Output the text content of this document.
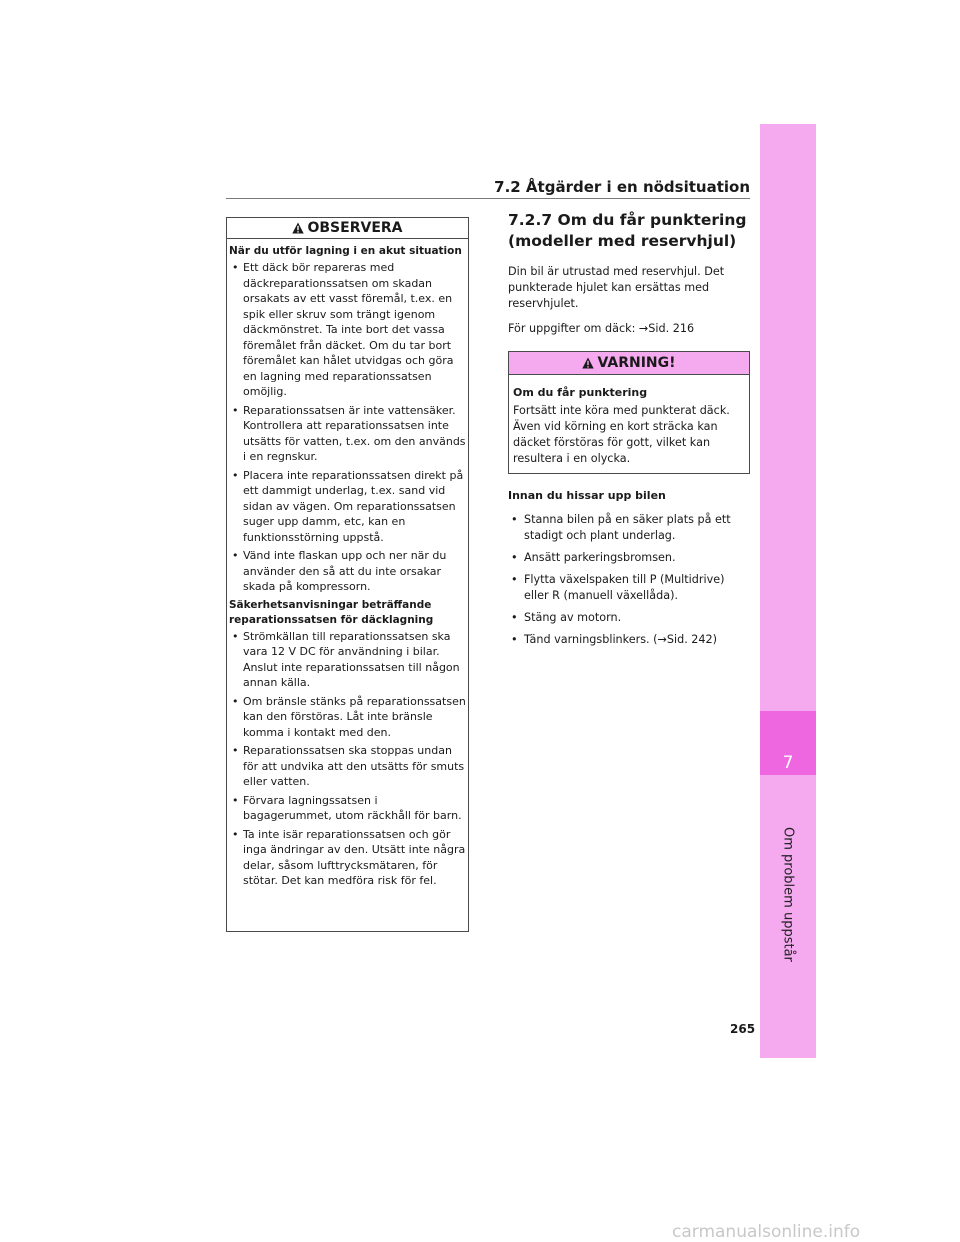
7.2 Åtgärder i en nödsituation
OBSERVERA
När du utför lagning i en akut situation
• Ett däck bör repareras med däckreparationssatsen om skadan orsakats av ett vasst föremål, t.ex. en spik eller skruv som trängt igenom däckmönstret. Ta inte bort det vassa föremålet från däcket. Om du tar bort föremålet kan hålet utvidgas och göra en lagning med reparationssatsen omöjlig.
• Reparationssatsen är inte vattensäker. Kontrollera att reparationssatsen inte utsätts för vatten, t.ex. om den används i en regnskur.
• Placera inte reparationssatsen direkt på ett dammigt underlag, t.ex. sand vid sidan av vägen. Om reparationssatsen suger upp damm, etc, kan en funktionsstörning uppstå.
• Vänd inte flaskan upp och ner när du använder den så att du inte orsakar skada på kompressorn.
Säkerhetsanvisningar beträffande reparationssatsen för däcklagning
• Strömkällan till reparationssatsen ska vara 12 V DC för användning i bilar. Anslut inte reparationssatsen till någon annan källa.
• Om bränsle stänks på reparationssatsen kan den förstöras. Låt inte bränsle komma i kontakt med den.
• Reparationssatsen ska stoppas undan för att undvika att den utsätts för smuts eller vatten.
• Förvara lagningssatsen i bagagerummet, utom räckhåll för barn.
• Ta inte isär reparationssatsen och gör inga ändringar av den. Utsätt inte några delar, såsom lufttrycksmätaren, för stötar. Det kan medföra risk för fel.
7.2.7 Om du får punktering (modeller med reservhjul)

Din bil är utrustad med reservhjul. Det punkterade hjulet kan ersättas med reservhjulet.

För uppgifter om däck: →Sid. 216

VARNING!
Om du får punktering

Fortsätt inte köra med punkterat däck. Även vid körning en kort sträcka kan däcket förstöras för gott, vilket kan resultera i en olycka.

Innan du hissar upp bilen
• Stanna bilen på en säker plats på ett stadigt och plant underlag.
• Ansätt parkeringsbromsen.
• Flytta växelspaken till P (Multidrive) eller R (manuell växellåda).
• Stäng av motorn.
• Tänd varningsblinkers. (→Sid. 242)
7
Om problem uppstår
265
carmanualsonline.info
